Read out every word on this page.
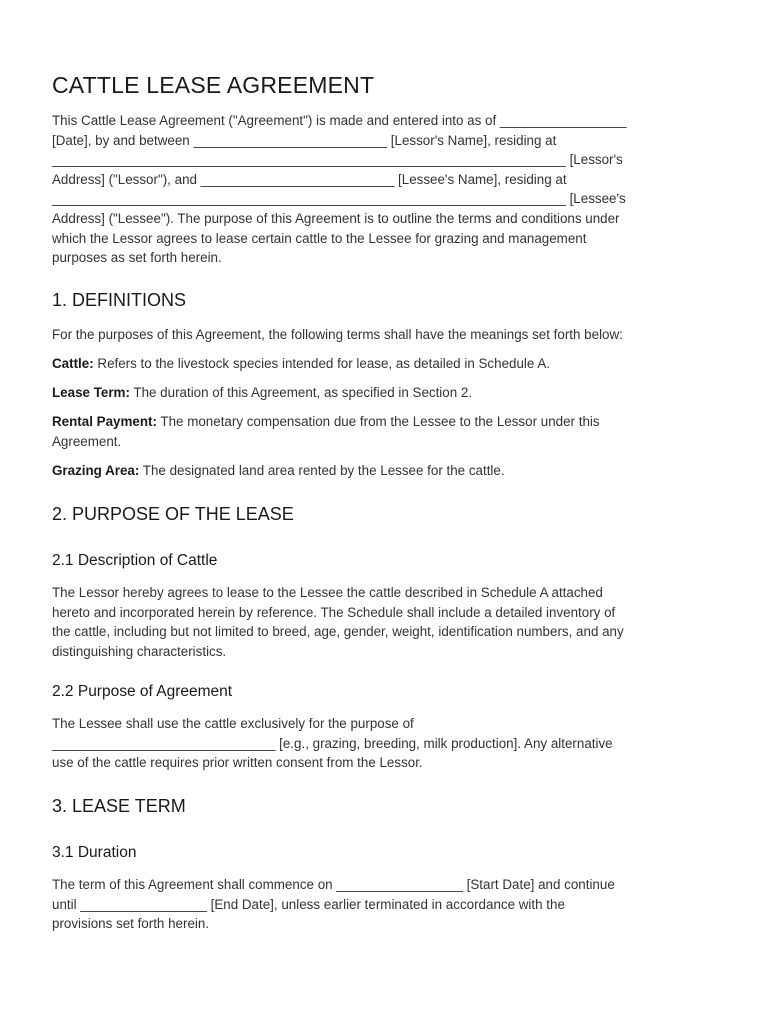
CATTLE LEASE AGREEMENT
This Cattle Lease Agreement ("Agreement") is made and entered into as of _________________
[Date], by and between __________________________ [Lessor's Name], residing at
_____________________________________________________________________ [Lessor's
Address] ("Lessor"), and __________________________ [Lessee's Name], residing at
_____________________________________________________________________ [Lessee's
Address] ("Lessee"). The purpose of this Agreement is to outline the terms and conditions under
which the Lessor agrees to lease certain cattle to the Lessee for grazing and management
purposes as set forth herein.
1. DEFINITIONS
For the purposes of this Agreement, the following terms shall have the meanings set forth below:
Cattle: Refers to the livestock species intended for lease, as detailed in Schedule A.
Lease Term: The duration of this Agreement, as specified in Section 2.
Rental Payment: The monetary compensation due from the Lessee to the Lessor under this
Agreement.
Grazing Area: The designated land area rented by the Lessee for the cattle.
2. PURPOSE OF THE LEASE
2.1 Description of Cattle
The Lessor hereby agrees to lease to the Lessee the cattle described in Schedule A attached
hereto and incorporated herein by reference. The Schedule shall include a detailed inventory of
the cattle, including but not limited to breed, age, gender, weight, identification numbers, and any
distinguishing characteristics.
2.2 Purpose of Agreement
The Lessee shall use the cattle exclusively for the purpose of
______________________________ [e.g., grazing, breeding, milk production]. Any alternative
use of the cattle requires prior written consent from the Lessor.
3. LEASE TERM
3.1 Duration
The term of this Agreement shall commence on _________________ [Start Date] and continue
until _________________ [End Date], unless earlier terminated in accordance with the
provisions set forth herein.
